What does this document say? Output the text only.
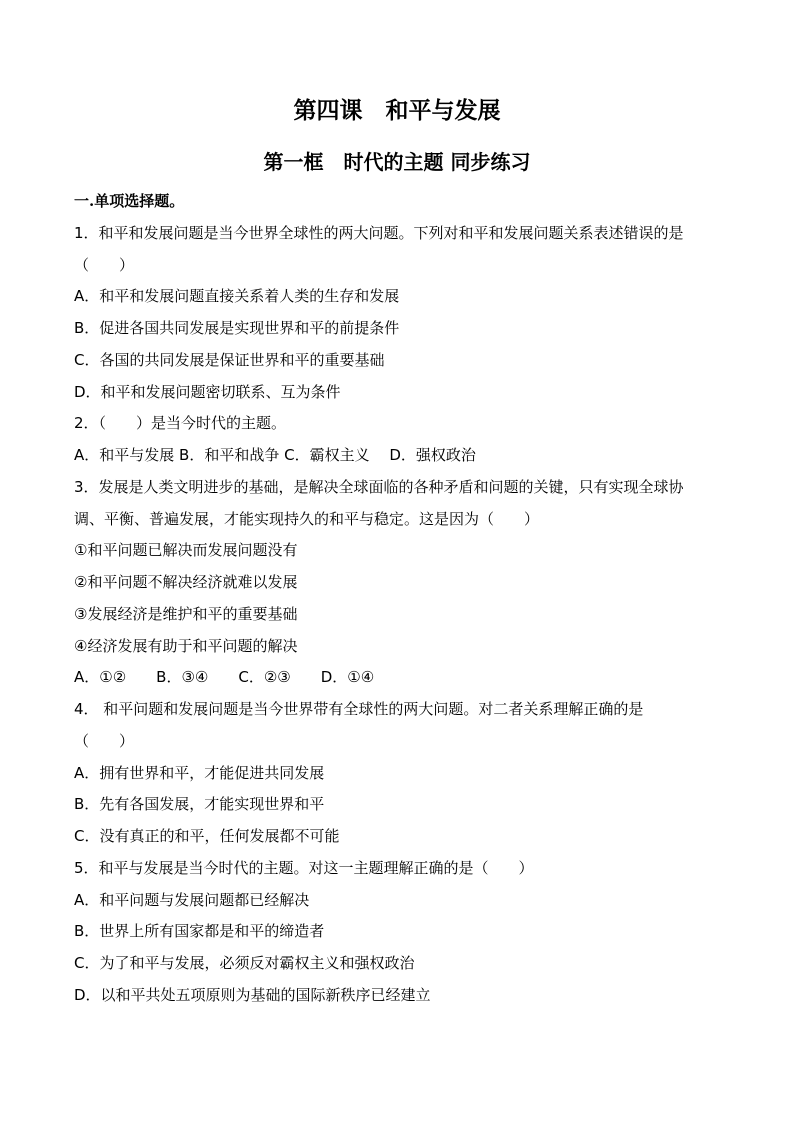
第四课　和平与发展
第一框　时代的主题 同步练习
一.单项选择题。
1．和平和发展问题是当今世界全球性的两大问题。下列对和平和发展问题关系表述错误的是
（　　）
A．和平和发展问题直接关系着人类的生存和发展
B．促进各国共同发展是实现世界和平的前提条件
C．各国的共同发展是保证世界和平的重要基础
D．和平和发展问题密切联系、互为条件
2．（　　）是当今时代的主题。
A．和平与发展 B．和平和战争 C．霸权主义　 D．强权政治
3．发展是人类文明进步的基础，是解决全球面临的各种矛盾和问题的关键，只有实现全球协
调、平衡、普遍发展，才能实现持久的和平与稳定。这是因为（　　）
①和平问题已解决而发展问题没有
②和平问题不解决经济就难以发展
③发展经济是维护和平的重要基础
④经济发展有助于和平问题的解决
A．①②　　B．③④　　C．②③　　D．①④
4． 和平问题和发展问题是当今世界带有全球性的两大问题。对二者关系理解正确的是
（　　）
A．拥有世界和平，才能促进共同发展
B．先有各国发展，才能实现世界和平
C．没有真正的和平，任何发展都不可能
5．和平与发展是当今时代的主题。对这一主题理解正确的是（　　）
A．和平问题与发展问题都已经解决
B．世界上所有国家都是和平的缔造者
C．为了和平与发展，必须反对霸权主义和强权政治
D．以和平共处五项原则为基础的国际新秩序已经建立
